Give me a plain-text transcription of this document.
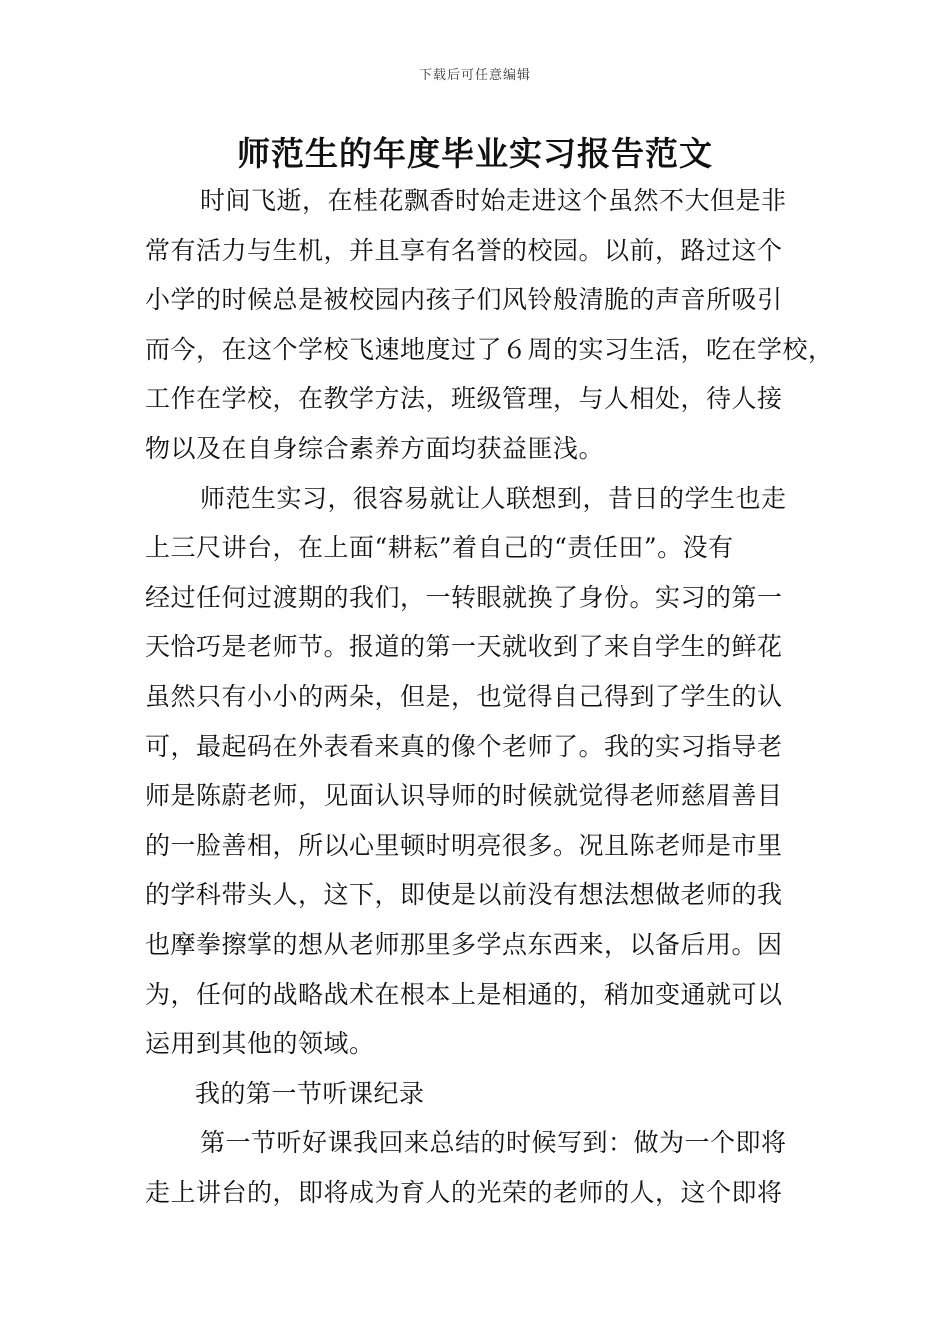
下载后可任意编辑
师范生的年度毕业实习报告范文
时间飞逝，在桂花飘香时始走进这个虽然不大但是非
常有活力与生机，并且享有名誉的校园。以前，路过这个
小学的时候总是被校园内孩子们风铃般清脆的声音所吸引
而今，在这个学校飞速地度过了６周的实习生活，吃在学校，
工作在学校，在教学方法，班级管理，与人相处，待人接
物以及在自身综合素养方面均获益匪浅。
师范生实习，很容易就让人联想到，昔日的学生也走
上三尺讲台，在上面“耕耘”着自己的“责任田”。没有
经过任何过渡期的我们，一转眼就换了身份。实习的第一
天恰巧是老师节。报道的第一天就收到了来自学生的鲜花
虽然只有小小的两朵，但是，也觉得自己得到了学生的认
可，最起码在外表看来真的像个老师了。我的实习指导老
师是陈蔚老师，见面认识导师的时候就觉得老师慈眉善目
的一脸善相，所以心里顿时明亮很多。况且陈老师是市里
的学科带头人，这下，即使是以前没有想法想做老师的我
也摩拳擦掌的想从老师那里多学点东西来，以备后用。因
为，任何的战略战术在根本上是相通的，稍加变通就可以
运用到其他的领域。
我的第一节听课纪录
第一节听好课我回来总结的时候写到：做为一个即将
走上讲台的，即将成为育人的光荣的老师的人，这个即将
